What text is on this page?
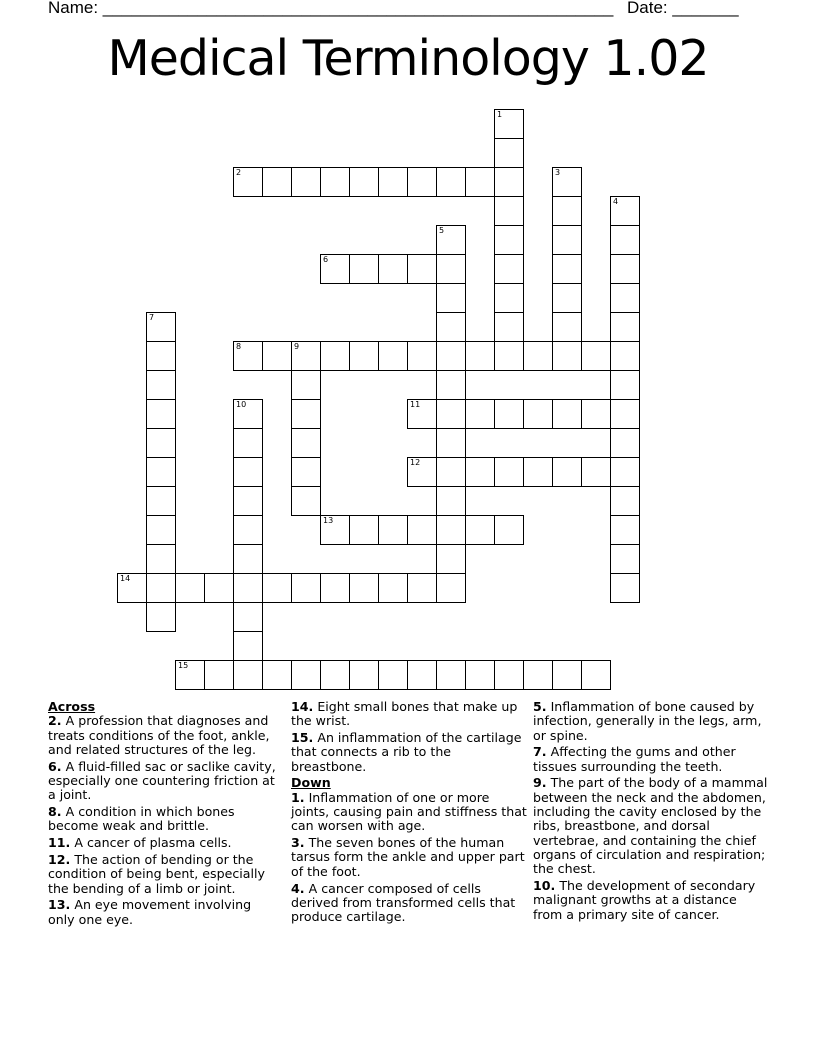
Name: ______________________________________________________ Date: _______
Medical Terminology 1.02
1
2	3
4
5
6
7
8	9
10	11
12
13
14
15
Across
2. A profession that diagnoses and treats conditions of the foot, ankle, and related structures of the leg.
6. A fluid-filled sac or saclike cavity, especially one countering friction at a joint.
8. A condition in which bones become weak and brittle.
11. A cancer of plasma cells.
12. The action of bending or the condition of being bent, especially the bending of a limb or joint.
13. An eye movement involving only one eye.
14. Eight small bones that make up the wrist.
15. An inflammation of the cartilage that connects a rib to the breastbone.
Down
1. Inflammation of one or more joints, causing pain and stiffness that can worsen with age.
3. The seven bones of the human tarsus form the ankle and upper part of the foot.
4. A cancer composed of cells derived from transformed cells that produce cartilage.
5. Inflammation of bone caused by infection, generally in the legs, arm, or spine.
7. Affecting the gums and other tissues surrounding the teeth.
9. The part of the body of a mammal between the neck and the abdomen, including the cavity enclosed by the ribs, breastbone, and dorsal vertebrae, and containing the chief organs of circulation and respiration; the chest.
10. The development of secondary malignant growths at a distance from a primary site of cancer.
